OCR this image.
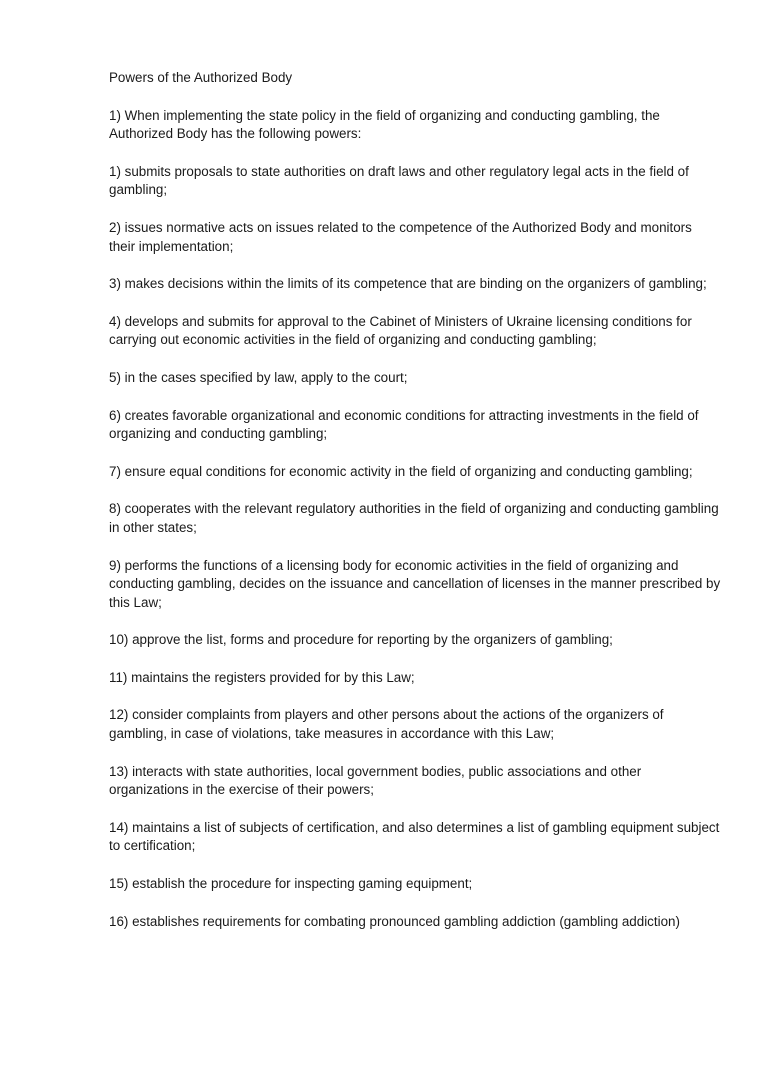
Powers of the Authorized Body

1) When implementing the state policy in the field of organizing and conducting gambling, the Authorized Body has the following powers:

1) submits proposals to state authorities on draft laws and other regulatory legal acts in the field of gambling;

2) issues normative acts on issues related to the competence of the Authorized Body and monitors their implementation;

3) makes decisions within the limits of its competence that are binding on the organizers of gambling;

4) develops and submits for approval to the Cabinet of Ministers of Ukraine licensing conditions for carrying out economic activities in the field of organizing and conducting gambling;

5) in the cases specified by law, apply to the court;

6) creates favorable organizational and economic conditions for attracting investments in the field of organizing and conducting gambling;

7) ensure equal conditions for economic activity in the field of organizing and conducting gambling;

8) cooperates with the relevant regulatory authorities in the field of organizing and conducting gambling in other states;

9) performs the functions of a licensing body for economic activities in the field of organizing and conducting gambling, decides on the issuance and cancellation of licenses in the manner prescribed by this Law;

10) approve the list, forms and procedure for reporting by the organizers of gambling;

11) maintains the registers provided for by this Law;

12) consider complaints from players and other persons about the actions of the organizers of gambling, in case of violations, take measures in accordance with this Law;

13) interacts with state authorities, local government bodies, public associations and other organizations in the exercise of their powers;

14) maintains a list of subjects of certification, and also determines a list of gambling equipment subject to certification;

15) establish the procedure for inspecting gaming equipment;

16) establishes requirements for combating pronounced gambling addiction (gambling addiction)
